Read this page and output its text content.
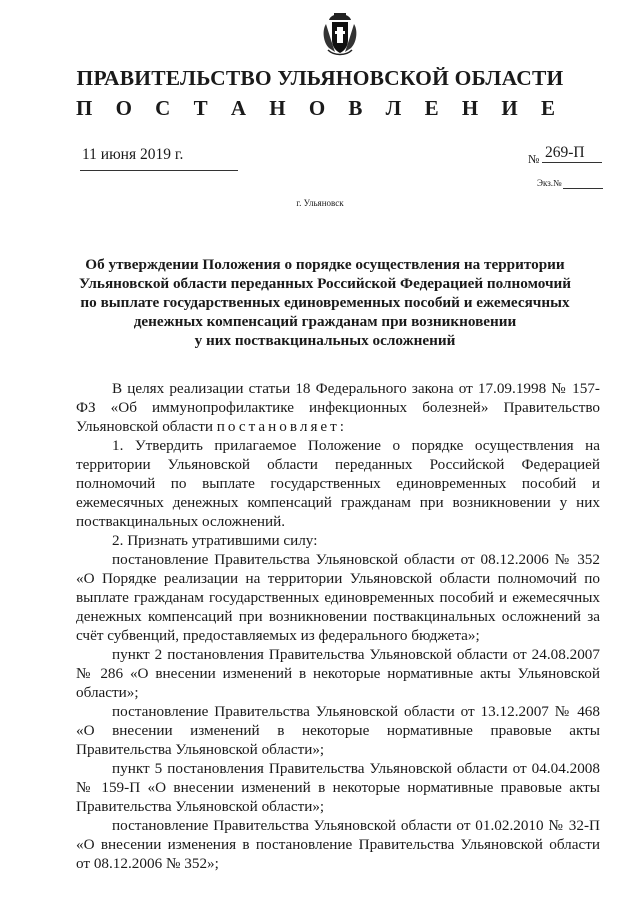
ПРАВИТЕЛЬСТВО УЛЬЯНОВСКОЙ ОБЛАСТИ
П О С Т А Н О В Л Е Н И Е
11 июня 2019 г.	№ 269-П
Экз.№
г. Ульяновск
Об утверждении Положения о порядке осуществления на территории
Ульяновской области переданных Российской Федерацией полномочий
по выплате государственных единовременных пособий и ежемесячных
денежных компенсаций гражданам при возникновении
у них поствакцинальных осложнений

В целях реализации статьи 18 Федерального закона от 17.09.1998 № 157-ФЗ «Об иммунопрофилактике инфекционных болезней» Правительство Ульяновской области постановляет:

1. Утвердить прилагаемое Положение о порядке осуществления на территории Ульяновской области переданных Российской Федерацией полномочий по выплате государственных единовременных пособий и ежемесячных денежных компенсаций гражданам при возникновении у них поствакцинальных осложнений.

2. Признать утратившими силу:

постановление Правительства Ульяновской области от 08.12.2006 № 352 «О Порядке реализации на территории Ульяновской области полномочий по выплате гражданам государственных единовременных пособий и ежемесячных денежных компенсаций при возникновении поствакцинальных осложнений за счёт субвенций, предоставляемых из федерального бюджета»;

пункт 2 постановления Правительства Ульяновской области от 24.08.2007 № 286 «О внесении изменений в некоторые нормативные акты Ульяновской области»;

постановление Правительства Ульяновской области от 13.12.2007 № 468 «О внесении изменений в некоторые нормативные правовые акты Правительства Ульяновской области»;

пункт 5 постановления Правительства Ульяновской области от 04.04.2008 № 159-П «О внесении изменений в некоторые нормативные правовые акты Правительства Ульяновской области»;

постановление Правительства Ульяновской области от 01.02.2010 № 32-П «О внесении изменения в постановление Правительства Ульяновской области от 08.12.2006 № 352»;
